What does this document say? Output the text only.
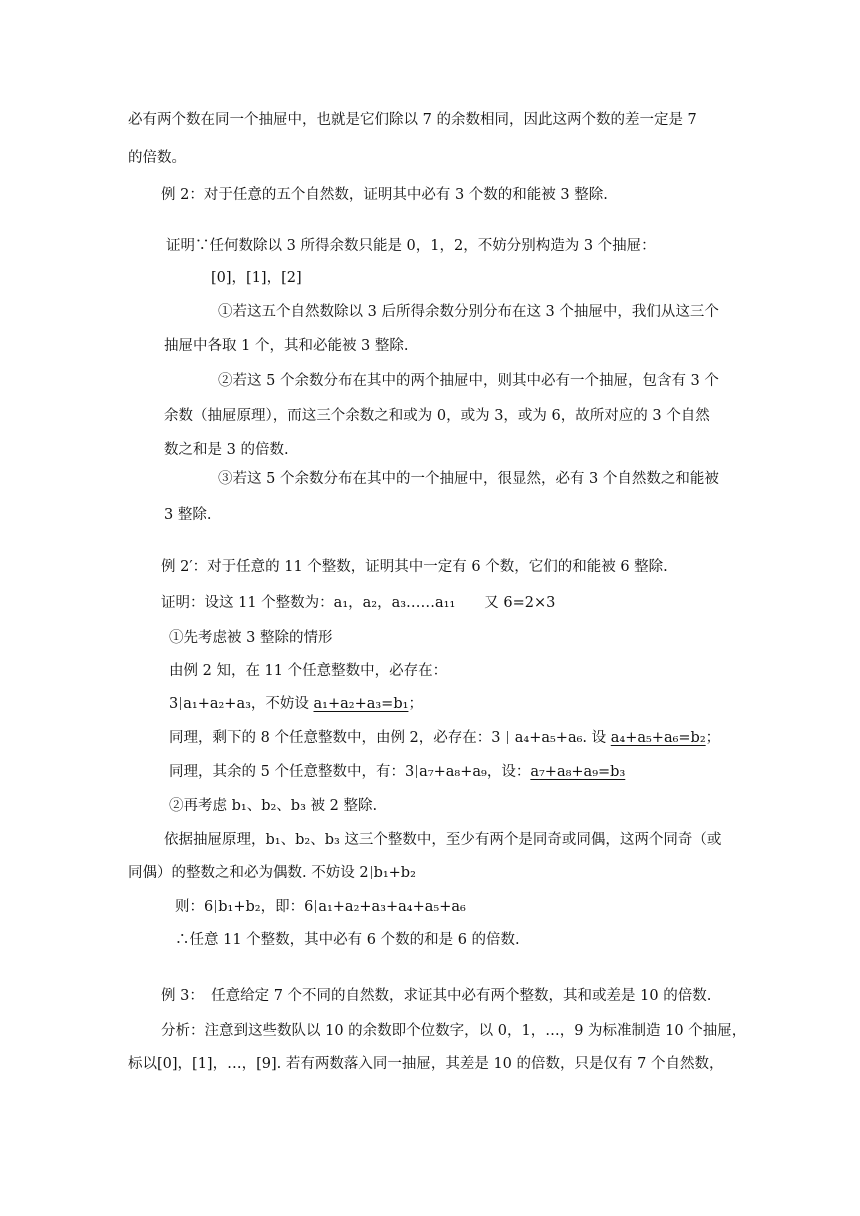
必有两个数在同一个抽屉中，也就是它们除以 7 的余数相同，因此这两个数的差一定是 7
的倍数。
例 2：对于任意的五个自然数，证明其中必有 3 个数的和能被 3 整除.
证明∵任何数除以 3 所得余数只能是 0，1，2，不妨分别构造为 3 个抽屉：
[0]，[1]，[2]
①若这五个自然数除以 3 后所得余数分别分布在这 3 个抽屉中，我们从这三个
抽屉中各取 1 个，其和必能被 3 整除.
②若这 5 个余数分布在其中的两个抽屉中，则其中必有一个抽屉，包含有 3 个
余数（抽屉原理），而这三个余数之和或为 0，或为 3，或为 6，故所对应的 3 个自然
数之和是 3 的倍数.
③若这 5 个余数分布在其中的一个抽屉中，很显然，必有 3 个自然数之和能被
3 整除.
例 2′：对于任意的 11 个整数，证明其中一定有 6 个数，它们的和能被 6 整除.
证明：设这 11 个整数为：a₁，a₂，a₃……a₁₁　　又 6=2×3
①先考虑被 3 整除的情形
由例 2 知，在 11 个任意整数中，必存在：
3 a₁+a₂+a₃，不妨设 a₁+a₂+a₃=b₁；
同理，剩下的 8 个任意整数中，由例 2，必存在：3  a₄+a₅+a₆. 设 a₄+a₅+a₆=b₂；
同理，其余的 5 个任意整数中，有：3 a₇+a₈+a₉，设：a₇+a₈+a₉=b₃
②再考虑 b₁、b₂、b₃ 被 2 整除.
依据抽屉原理，b₁、b₂、b₃ 这三个整数中，至少有两个是同奇或同偶，这两个同奇（或
同偶）的整数之和必为偶数. 不妨设 2 b₁+b₂
则：6 b₁+b₂，即：6 a₁+a₂+a₃+a₄+a₅+a₆
∴任意 11 个整数，其中必有 6 个数的和是 6 的倍数.
例 3：　任意给定 7 个不同的自然数，求证其中必有两个整数，其和或差是 10 的倍数.
分析：注意到这些数队以 10 的余数即个位数字，以 0，1，…，9 为标准制造 10 个抽屉，
标以[0]，[1]，…，[9]. 若有两数落入同一抽屉，其差是 10 的倍数，只是仅有 7 个自然数，
